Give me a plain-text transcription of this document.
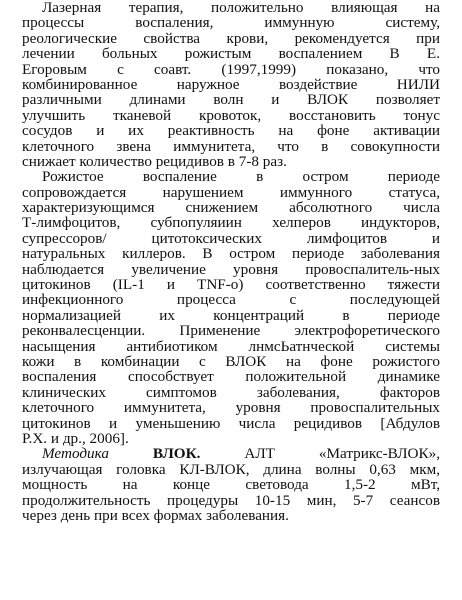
Лазерная терапия, положительно влияющая на
процессы воспаления, иммунную систему,
реологические свойства крови, рекомендуется при
лечении больных рожистым воспалением В Е.
Егоровым с соавт. (1997,1999) показано, что
комбинированное наружное воздействие НИЛИ
различными длинами волн и ВЛОК позволяет
улучшить тканевой кровоток, восстановить тонус
сосудов и их реактивность на фоне активации
клеточного звена иммунитета, что в совокупности
снижает количество рецидивов в 7-8 раз.
Рожистое воспаление в остром периоде
сопровождается нарушением иммунного статуса,
характеризующимся снижением абсолютного числа
Т-лимфоцитов, субпопуляиин хелперов индукторов,
супрессоров/ цитотоксических лимфоцитов и
натуральных киллеров. В остром периоде заболевания
наблюдается увеличение уровня провоспалитель-ных
цитокинов (IL-1 и TNF-о) соответственно тяжести
инфекционного процесса с последующей
нормализацией их концентраций в периоде
реконвалесценции. Применение электрофоретического
насыщения антибиотиком лнмсЬатнческой системы
кожи в комбинации с ВЛОК на фоне рожистого
воспаления способствует положительной динамике
клинических симптомов заболевания, факторов
клеточного иммунитета, уровня провоспалительных
цитокинов и уменьшению числа рецидивов [Абдулов
Р.Х. и др., 2006].
Методика	ВЛОК.	АЛТ «Матрикс-ВЛОК»,
излучающая головка КЛ-ВЛОК, длина волны 0,63 мкм,
мощность на конце световода 1,5-2 мВт,
продолжительность процедуры 10-15 мин, 5-7 сеансов
через день при всех формах заболевания.
